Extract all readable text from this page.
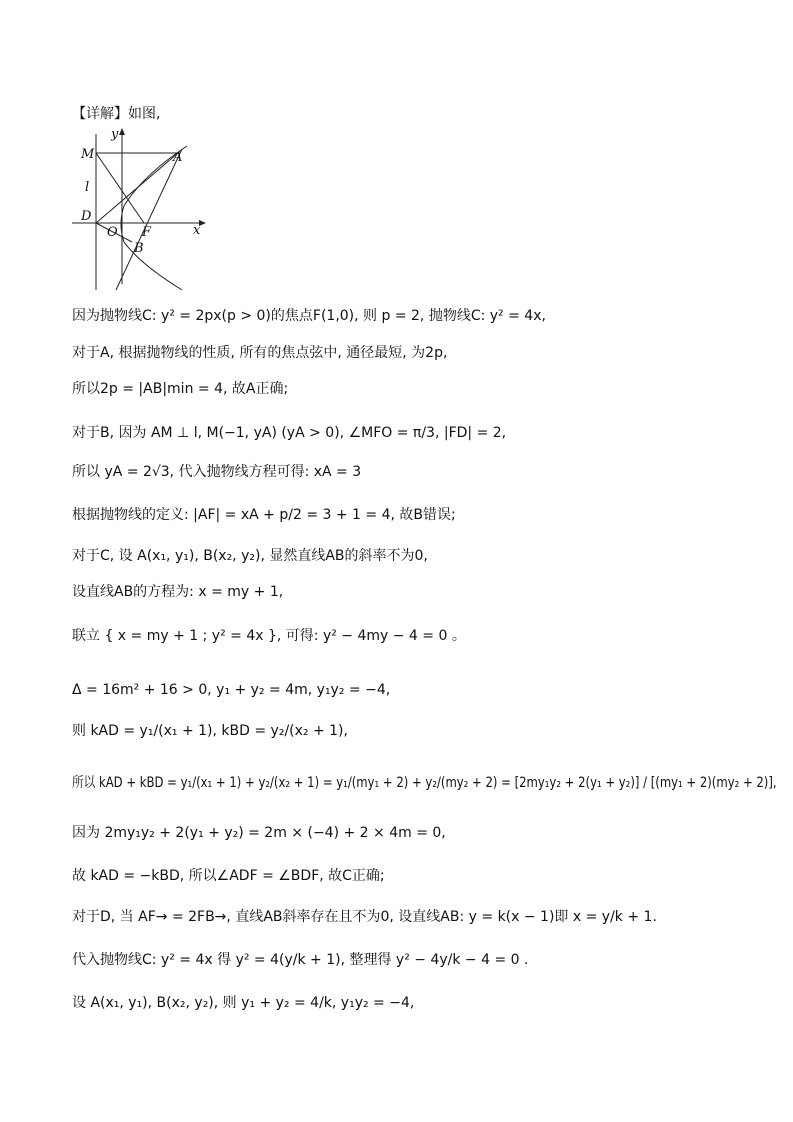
【详解】如图,
y
M	A
l
D
O F	x
B
因为抛物线C: y² = 2px(p > 0)的焦点F(1,0), 则 p = 2, 抛物线C: y² = 4x,
对于A, 根据抛物线的性质, 所有的焦点弦中, 通径最短, 为2p,
所以2p = |AB|min = 4, 故A正确;
对于B, 因为 AM ⊥ l, M(−1, yA) (yA > 0), ∠MFO = π/3, |FD| = 2,
所以 yA = 2√3, 代入抛物线方程可得: xA = 3
根据抛物线的定义: |AF| = xA + p/2 = 3 + 1 = 4, 故B错误;
对于C, 设 A(x₁, y₁), B(x₂, y₂), 显然直线AB的斜率不为0,
设直线AB的方程为: x = my + 1,
联立 { x = my + 1 ; y² = 4x }, 可得: y² − 4my − 4 = 0 。
Δ = 16m² + 16 > 0, y₁ + y₂ = 4m, y₁y₂ = −4,
则 kAD = y₁/(x₁ + 1), kBD = y₂/(x₂ + 1),
所以 kAD + kBD = y₁/(x₁ + 1) + y₂/(x₂ + 1) = y₁/(my₁ + 2) + y₂/(my₂ + 2) = [2my₁y₂ + 2(y₁ + y₂)] / [(my₁ + 2)(my₂ + 2)],
因为 2my₁y₂ + 2(y₁ + y₂) = 2m × (−4) + 2 × 4m = 0,
故 kAD = −kBD, 所以∠ADF = ∠BDF, 故C正确;
对于D, 当 AF→ = 2FB→, 直线AB斜率存在且不为0, 设直线AB: y = k(x − 1)即 x = y/k + 1.
代入抛物线C: y² = 4x 得 y² = 4(y/k + 1), 整理得 y² − 4y/k − 4 = 0 .
设 A(x₁, y₁), B(x₂, y₂), 则 y₁ + y₂ = 4/k, y₁y₂ = −4,
